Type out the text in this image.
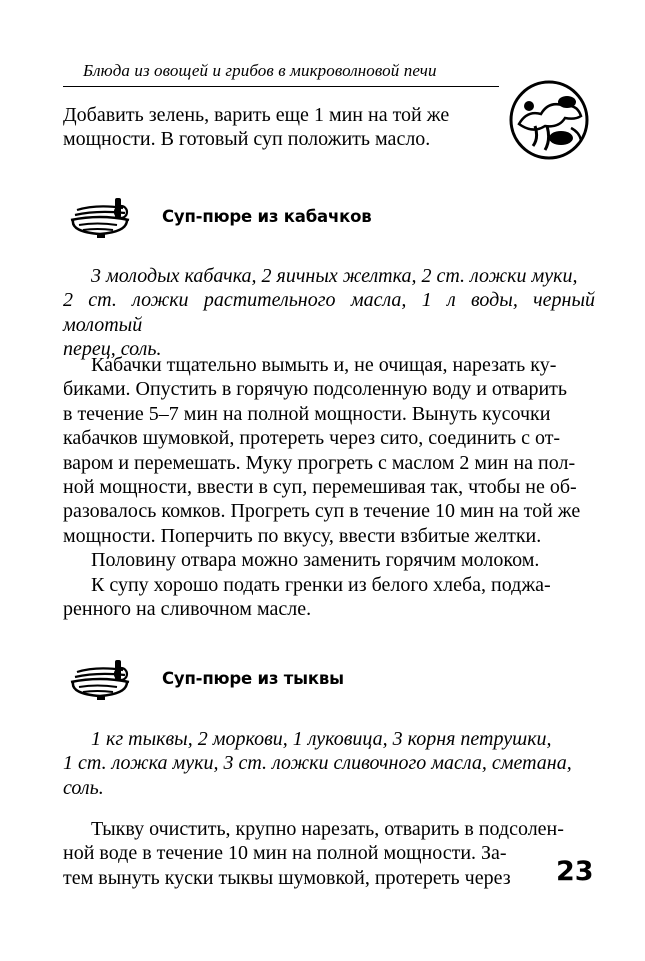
Блюда из овощей и грибов в микроволновой печи
Добавить зелень, варить еще 1 мин на той же
мощности. В готовый суп положить масло.
Суп-пюре из кабачков
3 молодых кабачка, 2 яичных желтка, 2 ст. ложки муки,
2 ст. ложки растительного масла, 1 л воды, черный молотый
перец, соль.
Кабачки тщательно вымыть и, не очищая, нарезать ку-
биками. Опустить в горячую подсоленную воду и отварить
в течение 5–7 мин на полной мощности. Вынуть кусочки
кабачков шумовкой, протереть через сито, соединить с от-
варом и перемешать. Муку прогреть с маслом 2 мин на пол-
ной мощности, ввести в суп, перемешивая так, чтобы не об-
разовалось комков. Прогреть суп в течение 10 мин на той же
мощности. Поперчить по вкусу, ввести взбитые желтки.
Половину отвара можно заменить горячим молоком.
К супу хорошо подать гренки из белого хлеба, поджа-
ренного на сливочном масле.
Суп-пюре из тыквы
1 кг тыквы, 2 моркови, 1 луковица, 3 корня петрушки,
1 ст. ложка муки, 3 ст. ложки сливочного масла, сметана,
соль.
Тыкву очистить, крупно нарезать, отварить в подсолен-
ной воде в течение 10 мин на полной мощности. За-
тем вынуть куски тыквы шумовкой, протереть через	23
